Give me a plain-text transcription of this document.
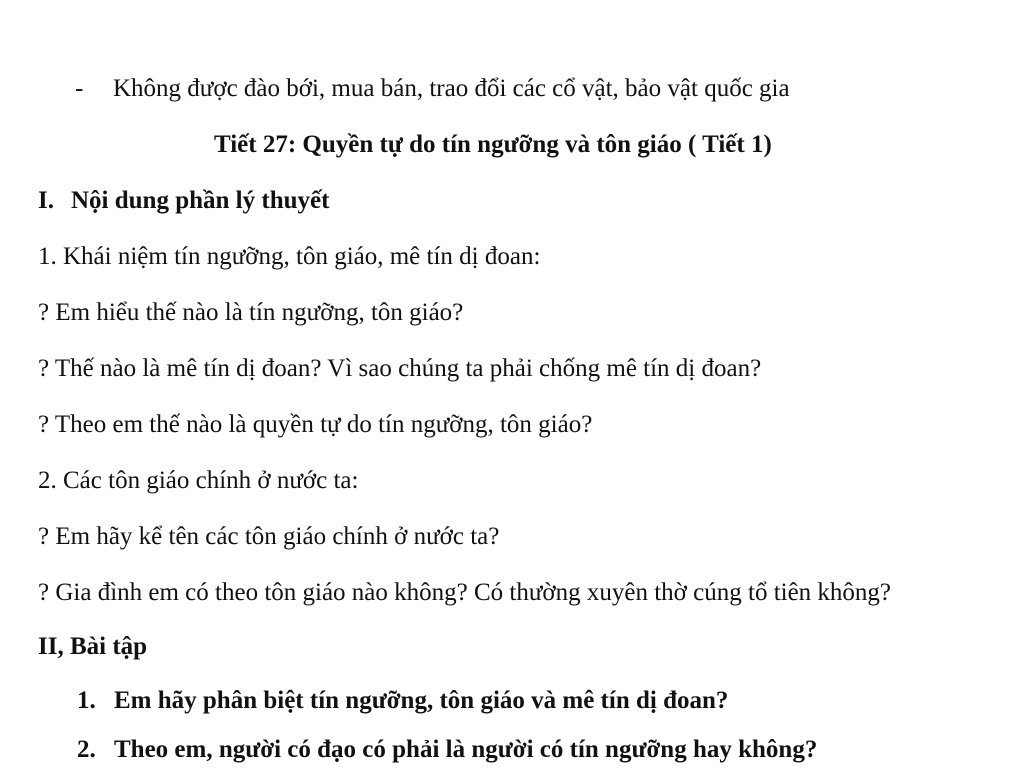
- Không được đào bới, mua bán, trao đổi các cổ vật, bảo vật quốc gia
Tiết 27: Quyền tự do tín ngưỡng và tôn giáo ( Tiết 1)
I. Nội dung phần lý thuyết
1. Khái niệm tín ngưỡng, tôn giáo, mê tín dị đoan:
? Em hiểu thế nào là tín ngưỡng, tôn giáo?
? Thế nào là mê tín dị đoan? Vì sao chúng ta phải chống mê tín dị đoan?
? Theo em thế nào là quyền tự do tín ngưỡng, tôn giáo?
2. Các tôn giáo chính ở nước ta:
? Em hãy kể tên các tôn giáo chính ở nước ta?
? Gia đình em có theo tôn giáo nào không? Có thường xuyên thờ cúng tổ tiên không?
II, Bài tập
1. Em hãy phân biệt tín ngưỡng, tôn giáo và mê tín dị đoan?
2. Theo em, người có đạo có phải là người có tín ngưỡng hay không?
